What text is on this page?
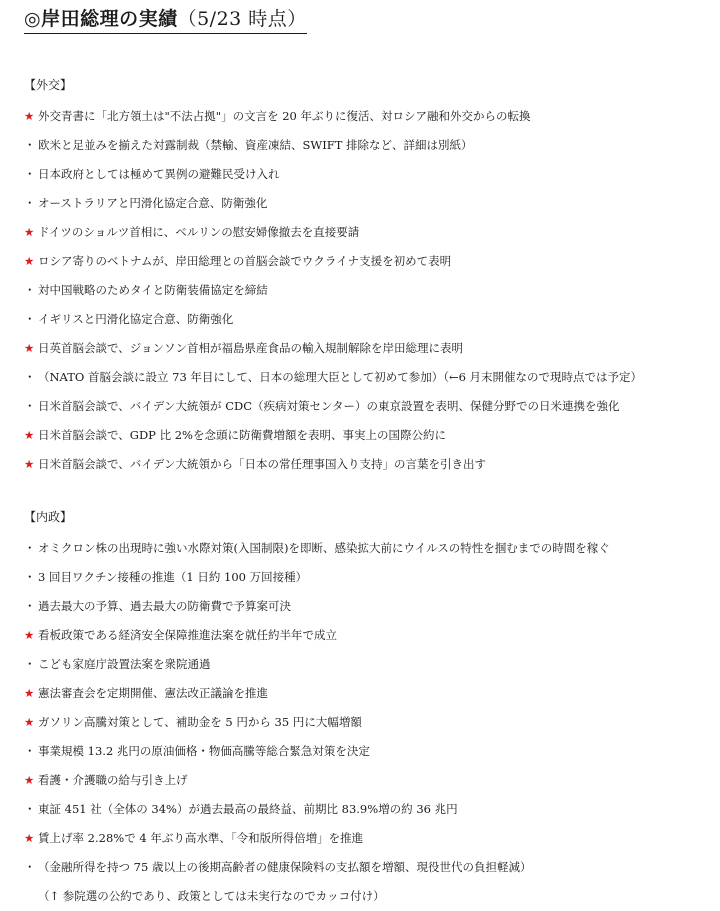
◎岸田総理の実績（5/23 時点）
【外交】
★ 外交青書に「北方領土は"不法占拠"」の文言を 20 年ぶりに復活、対ロシア融和外交からの転換
・ 欧米と足並みを揃えた対露制裁（禁輸、資産凍結、SWIFT 排除など、詳細は別紙）
・ 日本政府としては極めて異例の避難民受け入れ
・ オーストラリアと円滑化協定合意、防衛強化
★ ドイツのショルツ首相に、ベルリンの慰安婦像撤去を直接要請
★ ロシア寄りのベトナムが、岸田総理との首脳会談でウクライナ支援を初めて表明
・ 対中国戦略のためタイと防衛装備協定を締結
・ イギリスと円滑化協定合意、防衛強化
★ 日英首脳会談で、ジョンソン首相が福島県産食品の輸入規制解除を岸田総理に表明
・ （NATO 首脳会談に設立 73 年目にして、日本の総理大臣として初めて参加）（←6 月末開催なので現時点では予定）
・ 日米首脳会談で、バイデン大統領が CDC（疾病対策センター）の東京設置を表明、保健分野での日米連携を強化
★ 日米首脳会談で、GDP 比 2%を念頭に防衛費増額を表明、事実上の国際公約に
★ 日米首脳会談で、バイデン大統領から「日本の常任理事国入り支持」の言葉を引き出す
【内政】
・ オミクロン株の出現時に強い水際対策(入国制限)を即断、感染拡大前にウイルスの特性を掴むまでの時間を稼ぐ
・ 3 回目ワクチン接種の推進（1 日約 100 万回接種）
・ 過去最大の予算、過去最大の防衛費で予算案可決
★ 看板政策である経済安全保障推進法案を就任約半年で成立
・ こども家庭庁設置法案を衆院通過
★ 憲法審査会を定期開催、憲法改正議論を推進
★ ガソリン高騰対策として、補助金を 5 円から 35 円に大幅増額
・ 事業規模 13.2 兆円の原油価格・物価高騰等総合緊急対策を決定
★ 看護・介護職の給与引き上げ
・ 東証 451 社（全体の 34%）が過去最高の最終益、前期比 83.9%増の約 36 兆円
★ 賃上げ率 2.28%で 4 年ぶり高水準、「令和版所得倍増」を推進
・ （金融所得を持つ 75 歳以上の後期高齢者の健康保険料の支払額を増額、現役世代の負担軽減）
（↑ 参院選の公約であり、政策としては未実行なのでカッコ付け）
